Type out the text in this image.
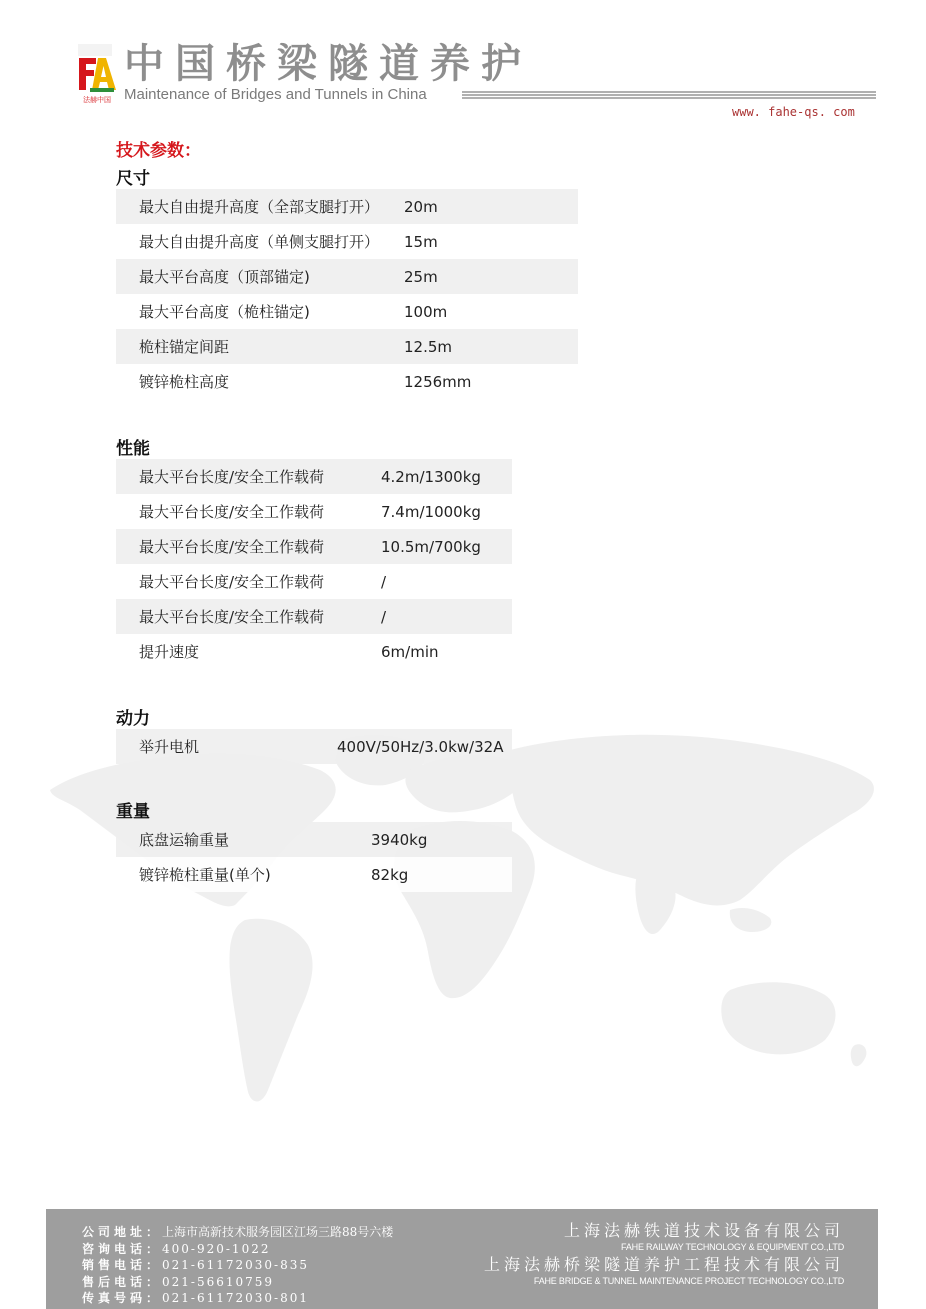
法赫中国
中国桥梁隧道养护
Maintenance of Bridges and Tunnels in China
www. fahe-qs. com
技术参数：
尺寸
最大自由提升高度（全部支腿打开）	20m
最大自由提升高度（单侧支腿打开）	15m
最大平台高度（顶部锚定)	25m
最大平台高度（桅柱锚定)	100m
桅柱锚定间距	12.5m
镀锌桅柱高度	1256mm
性能
最大平台长度/安全工作载荷	4.2m/1300kg
最大平台长度/安全工作载荷	7.4m/1000kg
最大平台长度/安全工作载荷	10.5m/700kg
最大平台长度/安全工作载荷	/
最大平台长度/安全工作载荷	/
提升速度	6m/min
动力
举升电机	400V/50Hz/3.0kw/32A
重量
底盘运输重量	3940kg
镀锌桅柱重量(单个)	82kg
公司地址：上海市高新技术服务园区江场三路88号六楼
咨询电话：400-920-1022
销售电话：021-61172030-835
售后电话：021-56610759
传真号码：021-61172030-801
上海法赫铁道技术设备有限公司
FAHE RAILWAY TECHNOLOGY & EQUIPMENT CO.,LTD
上海法赫桥梁隧道养护工程技术有限公司
FAHE BRIDGE & TUNNEL MAINTENANCE PROJECT TECHNOLOGY CO.,LTD
